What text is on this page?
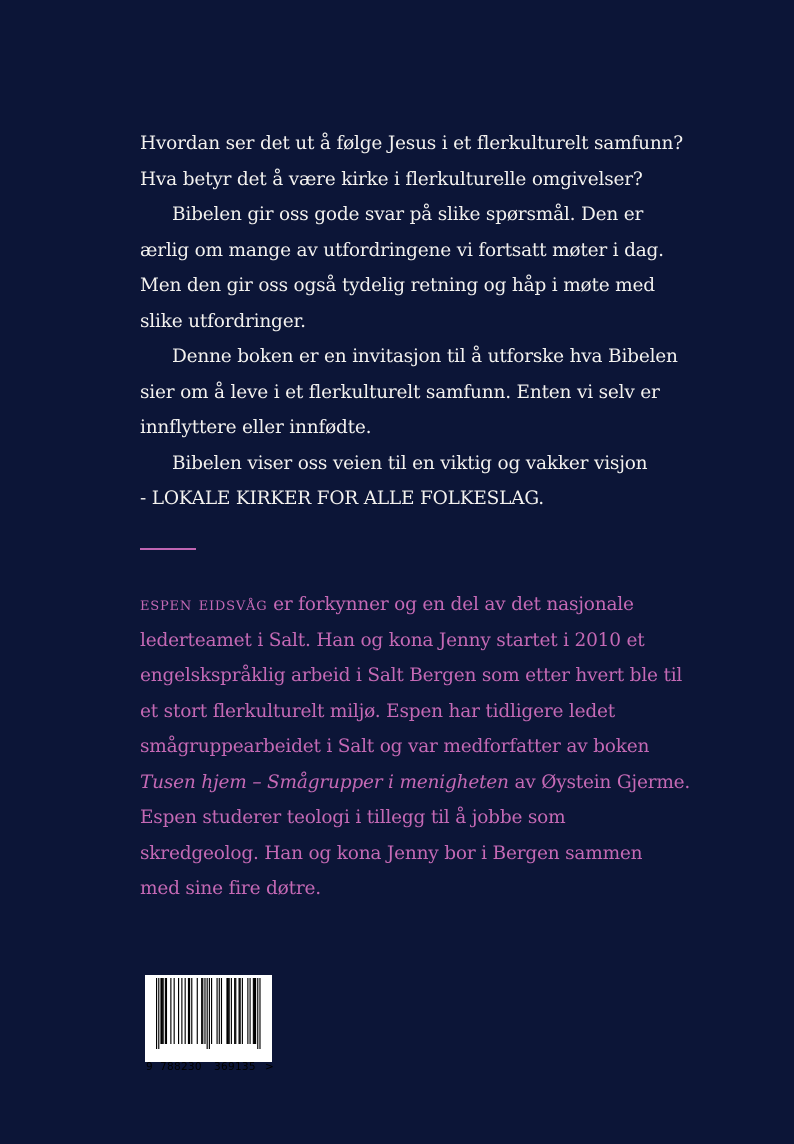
Hvordan ser det ut å følge Jesus i et flerkulturelt samfunn?

Hva betyr det å være kirke i flerkulturelle omgivelser?

Bibelen gir oss gode svar på slike spørsmål. Den er

ærlig om mange av utfordringene vi fortsatt møter i dag.

Men den gir oss også tydelig retning og håp i møte med

slike utfordringer.

Denne boken er en invitasjon til å utforske hva Bibelen

sier om å leve i et flerkulturelt samfunn. Enten vi selv er

innflyttere eller innfødte.

Bibelen viser oss veien til en viktig og vakker visjon

- LOKALE KIRKER FOR ALLE FOLKESLAG.

espen eidsvåg er forkynner og en del av det nasjonale

lederteamet i Salt. Han og kona Jenny startet i 2010 et

engelskspråklig arbeid i Salt Bergen som etter hvert ble til

et stort flerkulturelt miljø. Espen har tidligere ledet

smågruppearbeidet i Salt og var medforfatter av boken

Tusen hjem – Smågrupper i menigheten av Øystein Gjerme.

Espen studerer teologi i tillegg til å jobbe som

skredgeolog. Han og kona Jenny bor i Bergen sammen

med sine fire døtre.

9 788230 369135 >
